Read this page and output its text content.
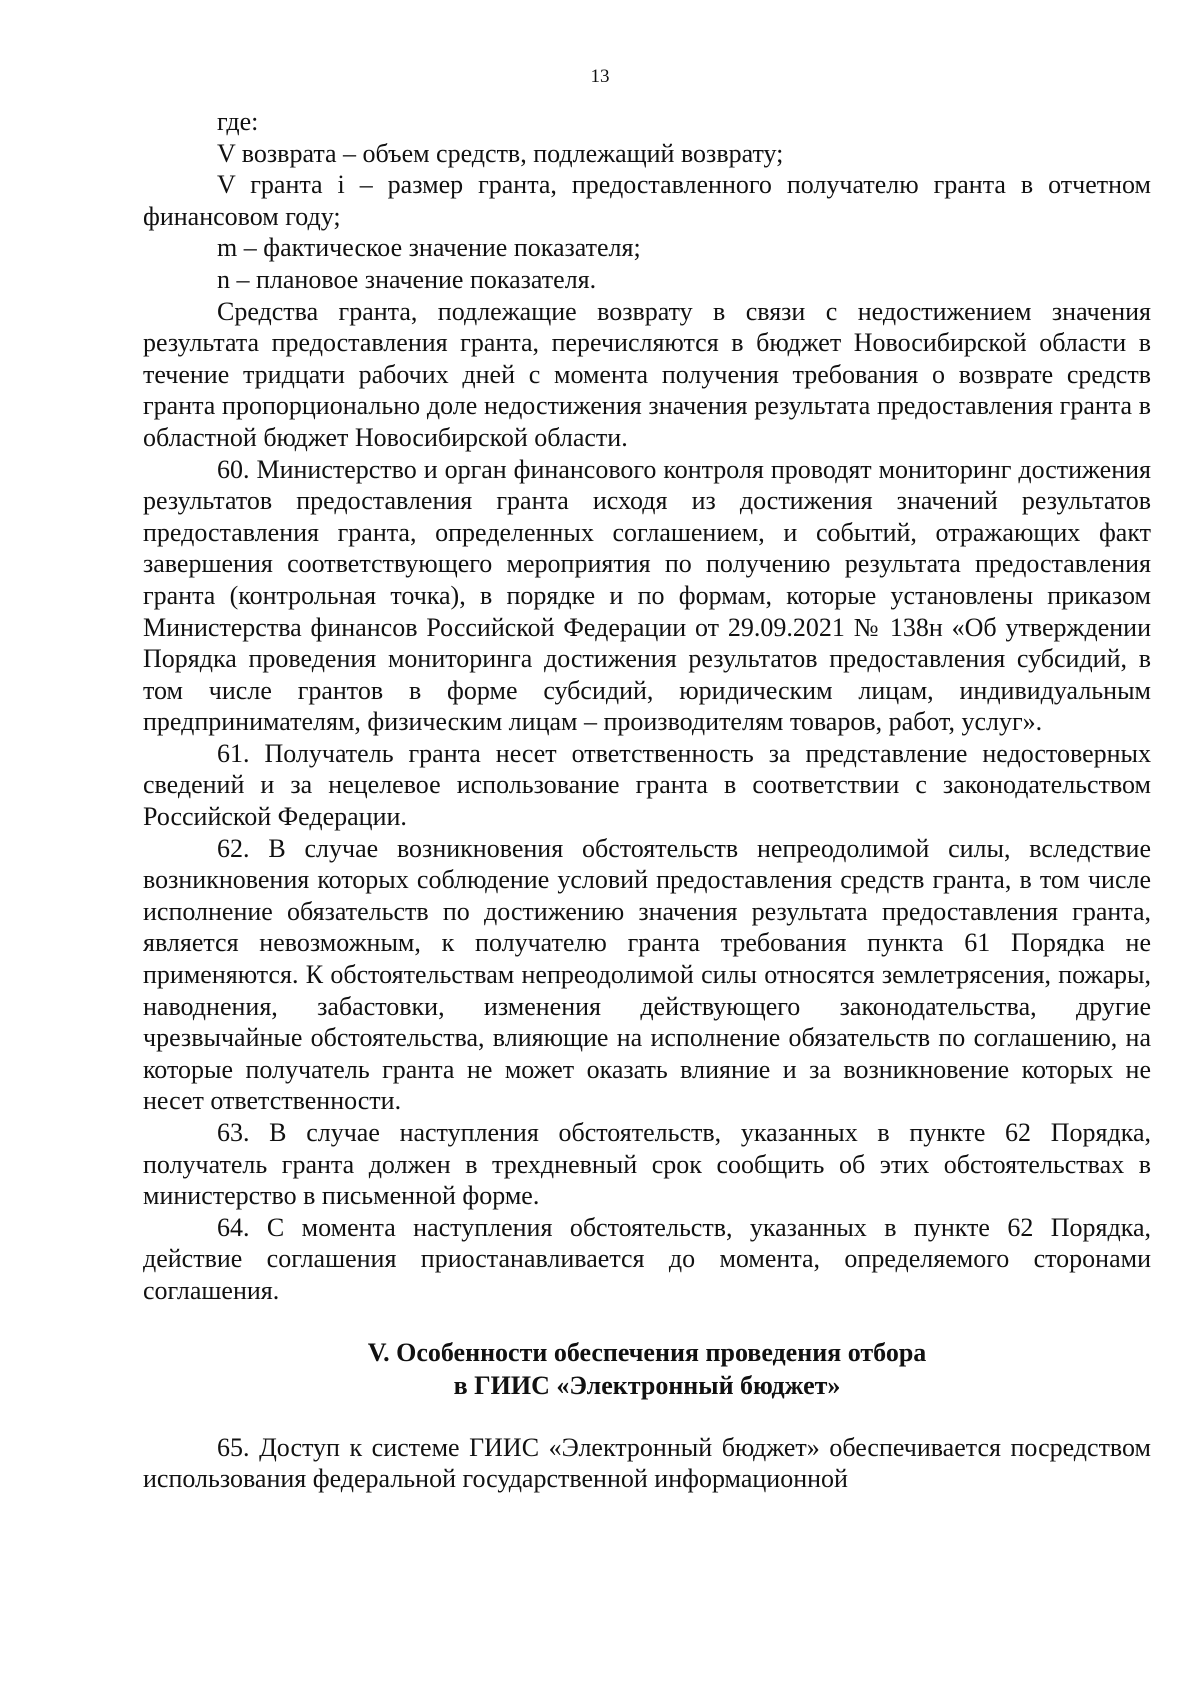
13

где:

V возврата – объем средств, подлежащий возврату;

V гранта i – размер гранта, предоставленного получателю гранта в отчетном финансовом году;

m – фактическое значение показателя;

n – плановое значение показателя.

Средства гранта, подлежащие возврату в связи с недостижением значения результата предоставления гранта, перечисляются в бюджет Новосибирской области в течение тридцати рабочих дней с момента получения требования о возврате средств гранта пропорционально доле недостижения значения результата предоставления гранта в областной бюджет Новосибирской области.

60. Министерство и орган финансового контроля проводят мониторинг достижения результатов предоставления гранта исходя из достижения значений результатов предоставления гранта, определенных соглашением, и событий, отражающих факт завершения соответствующего мероприятия по получению результата предоставления гранта (контрольная точка), в порядке и по формам, которые установлены приказом Министерства финансов Российской Федерации от 29.09.2021 № 138н «Об утверждении Порядка проведения мониторинга достижения результатов предоставления субсидий, в том числе грантов в форме субсидий, юридическим лицам, индивидуальным предпринимателям, физическим лицам – производителям товаров, работ, услуг».

61. Получатель гранта несет ответственность за представление недостоверных сведений и за нецелевое использование гранта в соответствии с законодательством Российской Федерации.

62. В случае возникновения обстоятельств непреодолимой силы, вследствие возникновения которых соблюдение условий предоставления средств гранта, в том числе исполнение обязательств по достижению значения результата предоставления гранта, является невозможным, к получателю гранта требования пункта 61 Порядка не применяются. К обстоятельствам непреодолимой силы относятся землетрясения, пожары, наводнения, забастовки, изменения действующего законодательства, другие чрезвычайные обстоятельства, влияющие на исполнение обязательств по соглашению, на которые получатель гранта не может оказать влияние и за возникновение которых не несет ответственности.

63. В случае наступления обстоятельств, указанных в пункте 62 Порядка, получатель гранта должен в трехдневный срок сообщить об этих обстоятельствах в министерство в письменной форме.

64. С момента наступления обстоятельств, указанных в пункте 62 Порядка, действие соглашения приостанавливается до момента, определяемого сторонами соглашения.

V. Особенности обеспечения проведения отбора

в ГИИС «Электронный бюджет»

65. Доступ к системе ГИИС «Электронный бюджет» обеспечивается посредством использования федеральной государственной информационной
